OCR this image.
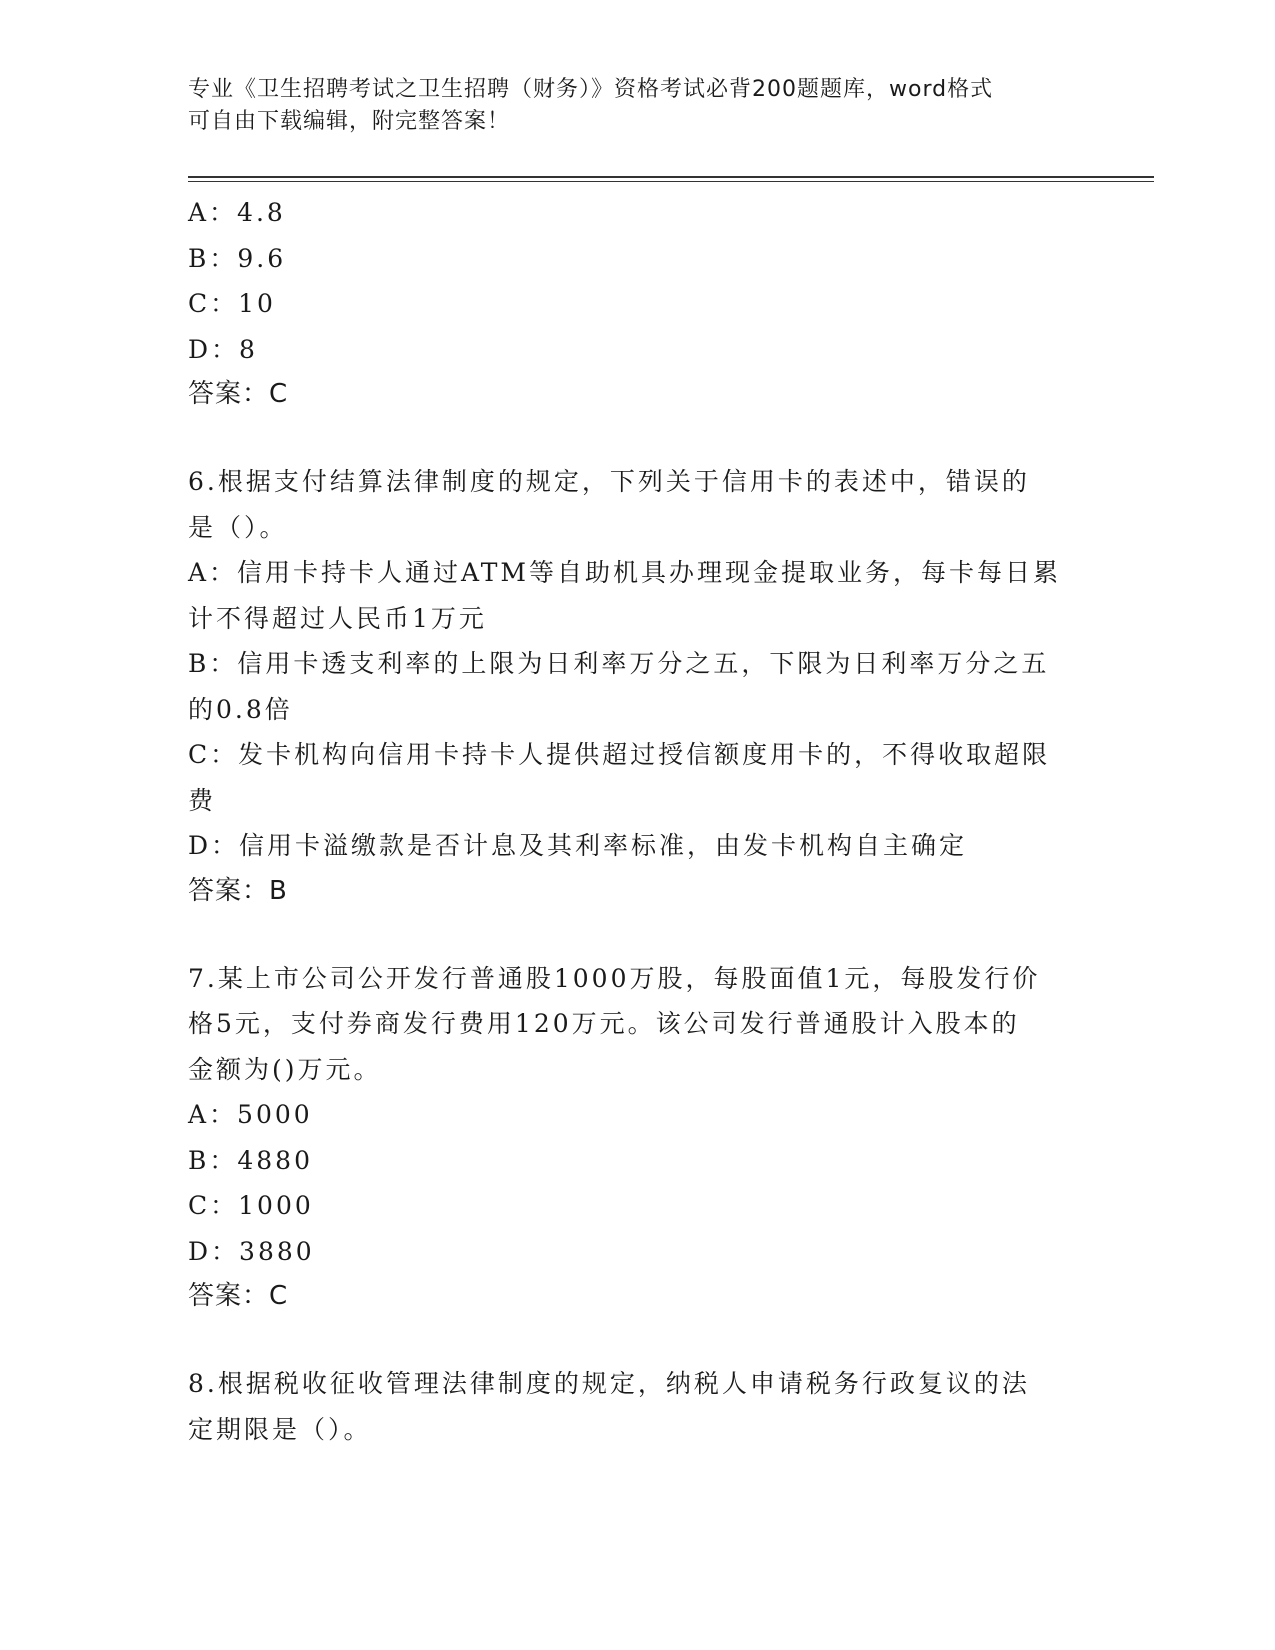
专业《卫生招聘考试之卫生招聘（财务）》资格考试必背200题题库，word格式
可自由下载编辑，附完整答案！
A：4.8
B：9.6
C：10
D：8
答案：C
6.根据支付结算法律制度的规定，下列关于信用卡的表述中，错误的
是（）。
A：信用卡持卡人通过ATM等自助机具办理现金提取业务，每卡每日累
计不得超过人民币1万元
B：信用卡透支利率的上限为日利率万分之五，下限为日利率万分之五
的0.8倍
C：发卡机构向信用卡持卡人提供超过授信额度用卡的，不得收取超限
费
D：信用卡溢缴款是否计息及其利率标准，由发卡机构自主确定
答案：B
7.某上市公司公开发行普通股1000万股，每股面值1元，每股发行价
格5元，支付券商发行费用120万元。该公司发行普通股计入股本的
金额为()万元。
A：5000
B：4880
C：1000
D：3880
答案：C
8.根据税收征收管理法律制度的规定，纳税人申请税务行政复议的法
定期限是（）。
